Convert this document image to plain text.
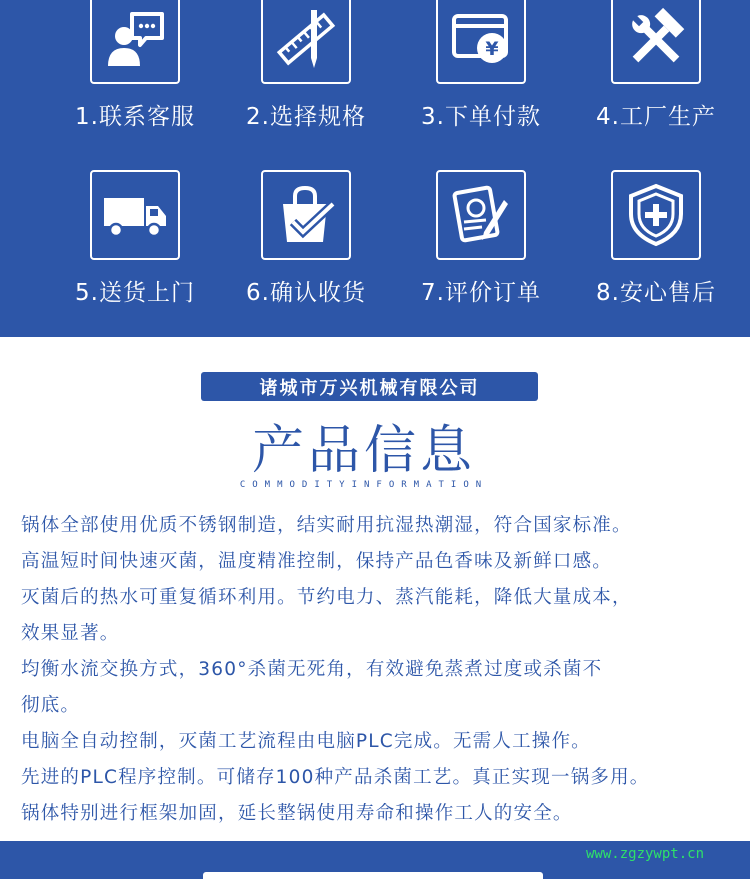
1.联系客服	2.选择规格
¥
3.下单付款	4.工厂生产
5.送货上门	6.确认收货	7.评价订单	8.安心售后
诸城市万兴机械有限公司
产品信息
COMMODITYINFORMATION
锅体全部使用优质不锈钢制造，结实耐用抗湿热潮湿，符合国家标准。
高温短时间快速灭菌，温度精准控制，保持产品色香味及新鲜口感。
灭菌后的热水可重复循环利用。节约电力、蒸汽能耗，降低大量成本，
效果显著。
均衡水流交换方式，360°杀菌无死角，有效避免蒸煮过度或杀菌不
彻底。
电脑全自动控制，灭菌工艺流程由电脑PLC完成。无需人工操作。
先进的PLC程序控制。可储存100种产品杀菌工艺。真正实现一锅多用。
锅体特别进行框架加固，延长整锅使用寿命和操作工人的安全。
www.zgzywpt.cn
